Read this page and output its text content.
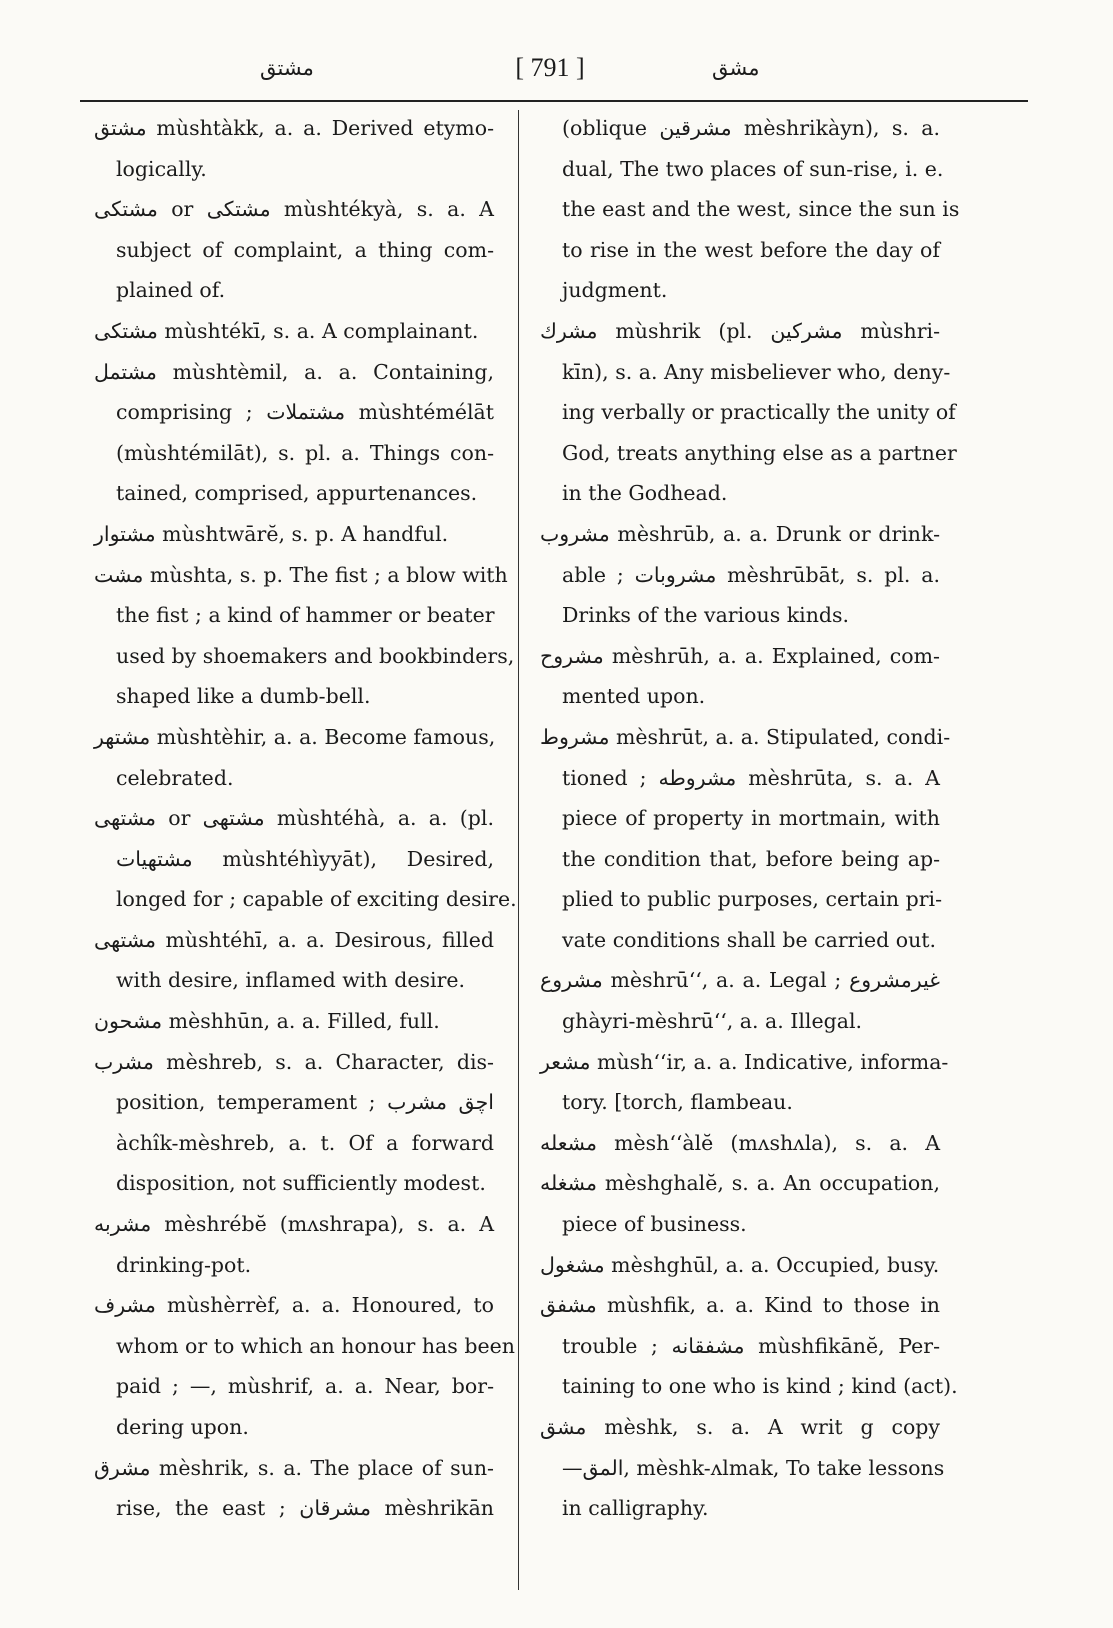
مشتق	[ 791 ]	مشق
مشتق mùshtàkk, a. a. Derived etymo-
logically.
مشتكى or مشتكى mùshtékyà, s. a. A
subject of complaint, a thing com-
plained of.
مشتكى mùshtékī, s. a. A complainant.
مشتمل mùshtèmil, a. a. Containing,
comprising ; مشتملات mùshtémélāt
(mùshtémilāt), s. pl. a. Things con-
tained, comprised, appurtenances.
مشتوار mùshtwārĕ, s. p. A handful.
مشت mùshta, s. p. The fist ; a blow with
the fist ; a kind of hammer or beater
used by shoemakers and bookbinders,
shaped like a dumb-bell.
مشتهر mùshtèhir, a. a. Become famous,
celebrated.
مشتهى or مشتهى mùshtéhà, a. a. (pl.
مشتهيات mùshtéhìyyāt), Desired,
longed for ; capable of exciting desire.
مشتهى mùshtéhī, a. a. Desirous, filled
with desire, inflamed with desire.
مشحون mèshhūn, a. a. Filled, full.
مشرب mèshreb, s. a. Character, dis-
position, temperament ; اچق مشرب
àchîk-mèshreb, a. t. Of a forward
disposition, not sufficiently modest.
مشربه mèshrébĕ (mʌshrapa), s. a. A
drinking-pot.
مشرف mùshèrrèf, a. a. Honoured, to
whom or to which an honour has been
paid ; —, mùshrif, a. a. Near, bor-
dering upon.
مشرق mèshrik, s. a. The place of sun-
rise, the east ; مشرقان mèshrikān
(oblique مشرقين mèshrikàyn), s. a.
dual, The two places of sun-rise, i. e.
the east and the west, since the sun is
to rise in the west before the day of
judgment.
مشرك mùshrik (pl. مشركين mùshri-
kīn), s. a. Any misbeliever who, deny-
ing verbally or practically the unity of
God, treats anything else as a partner
in the Godhead.
مشروب mèshrūb, a. a. Drunk or drink-
able ; مشروبات mèshrūbāt, s. pl. a.
Drinks of the various kinds.
مشروح mèshrūh, a. a. Explained, com-
mented upon.
مشروط mèshrūt, a. a. Stipulated, condi-
tioned ; مشروطه mèshrūta, s. a. A
piece of property in mortmain, with
the condition that, before being ap-
plied to public purposes, certain pri-
vate conditions shall be carried out.
مشروع mèshrū‘‘, a. a. Legal ; غيرمشروع
ghàyri-mèshrū‘‘, a. a. Illegal.
مشعر mùsh‘‘ir, a. a. Indicative, informa-
tory. [torch, flambeau.
مشعله mèsh‘‘àlĕ (mʌshʌla), s. a. A
مشغله mèshghalĕ, s. a. An occupation,
piece of business.
مشغول mèshghūl, a. a. Occupied, busy.
مشفق mùshfik, a. a. Kind to those in
trouble ; مشفقانه mùshfikānĕ, Per-
taining to one who is kind ; kind (act).
مشق mèshk, s. a. A writ g copy
—المق, mèshk-ʌlmak, To take lessons
in calligraphy.
